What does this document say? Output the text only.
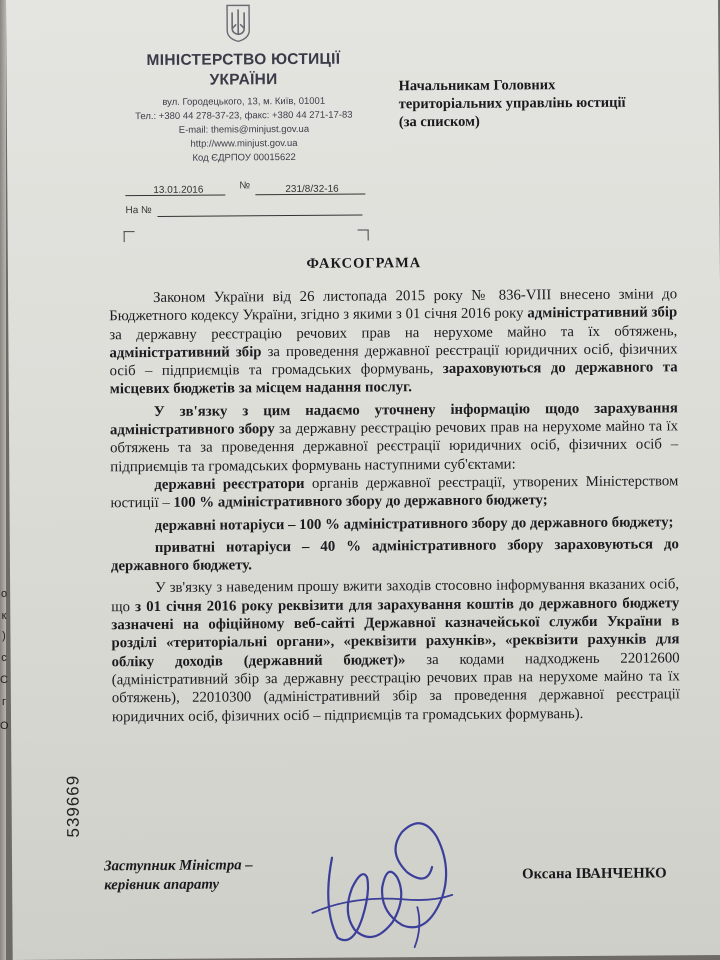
МІНІСТЕРСТВО ЮСТИЦІЇ
УКРАЇНИ
вул. Городецького, 13, м. Київ, 01001
Тел.: +380 44 278-37-23, факс: +380 44 271-17-83
E-mail: themis@minjust.gov.ua
http://www.minjust.gov.ua
Код ЄДРПОУ 00015622
Начальникам Головних
територіальних управлінь юстиції
(за списком)
13.01.2016	№	231/8/32-16
На №
ФАКСОГРАМА

Законом України від 26 листопада 2015 року № 836-VIII внесено зміни до Бюджетного кодексу України, згідно з якими з 01 січня 2016 року адміністративний збір за державну реєстрацію речових прав на нерухоме майно та їх обтяжень, адміністративний збір за проведення державної реєстрації юридичних осіб, фізичних осіб – підприємців та громадських формувань, зараховуються до державного та місцевих бюджетів за місцем надання послуг.

У зв'язку з цим надаємо уточнену інформацію щодо зарахування адміністративного збору за державну реєстрацію речових прав на нерухоме майно та їх обтяжень та за проведення державної реєстрації юридичних осіб, фізичних осіб – підприємців та громадських формувань наступними суб'єктами:

державні реєстратори органів державної реєстрації, утворених Міністерством юстиції – 100 % адміністративного збору до державного бюджету;

державні нотаріуси – 100 % адміністративного збору до державного бюджету;

приватні нотаріуси – 40 % адміністративного збору зараховуються до державного бюджету.

У зв'язку з наведеним прошу вжити заходів стосовно інформування вказаних осіб, що з 01 січня 2016 року реквізити для зарахування коштів до державного бюджету зазначені на офіційному веб-сайті Державної казначейської служби України в розділі «територіальні органи», «реквізити рахунків», «реквізити рахунків для обліку доходів (державний бюджет)» за кодами надходжень 22012600 (адміністративний збір за державну реєстрацію речових прав на нерухоме майно та їх обтяжень), 22010300 (адміністративний збір за проведення державної реєстрації юридичних осіб, фізичних осіб – підприємців та громадських формувань).

539669
Заступник Міністра –
керівник апарату
Оксана ІВАНЧЕНКО
о
к
)
с
С
г
О
